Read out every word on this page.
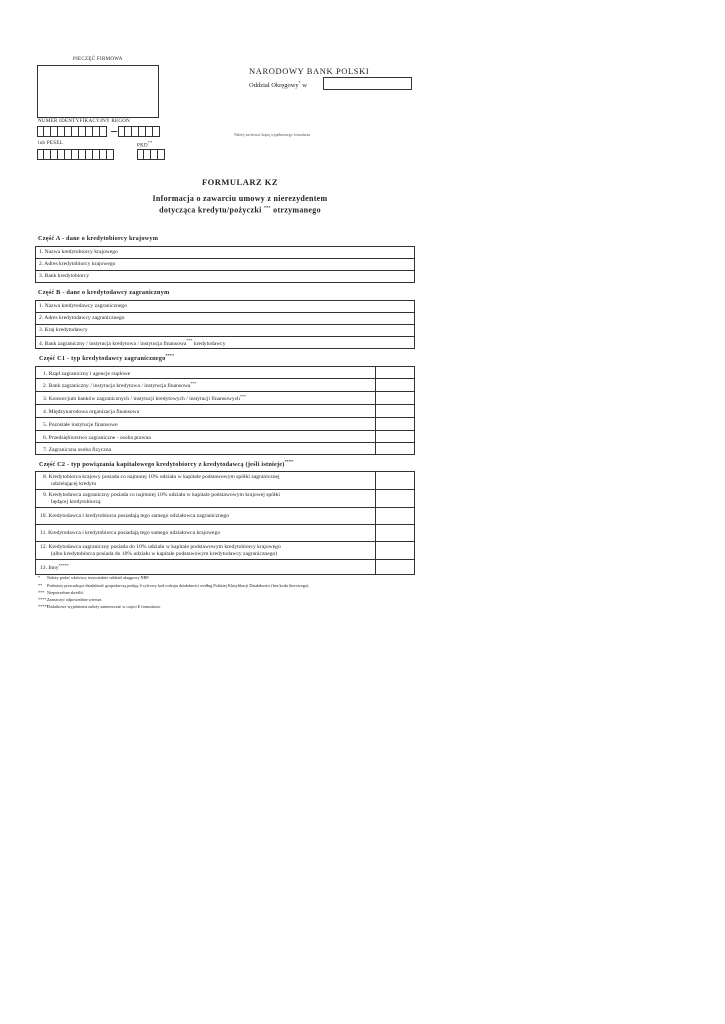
PIECZĘĆ FIRMOWA
NARODOWY BANK POLSKI
Oddział Okręgowy* w
NUMER IDENTYFIKACYJNY REGON
Należy zachować kopię wypełnionego formularza
lub PESEL
PKD**
FORMULARZ KZ
Informacja o zawarciu umowy z nierezydentem
dotycząca kredytu/pożyczki *** otrzymanego
Część A - dane o kredytobiorcy krajowym
1. Nazwa kredytobiorcy krajowego
2. Adres kredytobiorcy krajowego
3. Bank kredytobiorcy
Część B - dane o kredytodawcy zagranicznym
1. Nazwa kredytodawcy zagranicznego
2. Adres kredytodawcy zagranicznego
3. Kraj kredytodawcy
4. Bank zagraniczny / instytucja kredytowa / instytucja finansowa*** kredytodawcy
Część C1 - typ kredytodawcy zagranicznego****
1. Rząd zagraniczny i agencje rządowe	
2. Bank zagraniczny / instytucja kredytowa / instytucja finansowa***	
3. Konsorcjum banków zagranicznych / instytucji kredytowych / instytucji finansowych***	
4. Międzynarodowa organizacja finansowa	
5. Pozostałe instytucje finansowe	
6. Przedsiębiorstwo zagraniczne - osoba prawna	
7. Zagraniczna osoba fizyczna	
Część C2 - typ powiązania kapitałowego kredytobiorcy z kredytodawcą (jeśli istnieje)****
8. Kredytobiorca krajowy posiada co najmniej 10% udziału w kapitale podstawowym spółki zagranicznej
udzielającej kredytu	

9. Kredytodawca zagraniczny posiada co najmniej 10% udziału w kapitale podstawowym krajowej spółki
będącej kredytobiorcą	

10. Kredytodawca i kredytobiorca posiadają tego samego odziałowca zagranicznego	

11. Kredytodawca i kredytobiorca posiadają tego samego udziałowca krajowego	

12. Kredytodawca zagraniczny posiada do 10% udziału w kapitale podstawowym kredytobiorcy krajowego
(albo kredytobiorca posiada do 10% udziału w kapitale podstawowym kredytodawcy zagranicznego)	

13. Inny*****	
* Należy podać właściwy terytorialnie oddział okręgowy NBP.
** Podmioty prowadzące działalność gospodarczą podają 4-cyfrowy kod rodzaju działalności według Polskiej Klasyfikacji Działalności (bez kodu literowego).
*** Niepotrzebne skreślić.
****Zaznaczyć odpowiednie wiersze.
*****Dodatkowe wyjaśnienia należy zamieszczać w części E formularza.
